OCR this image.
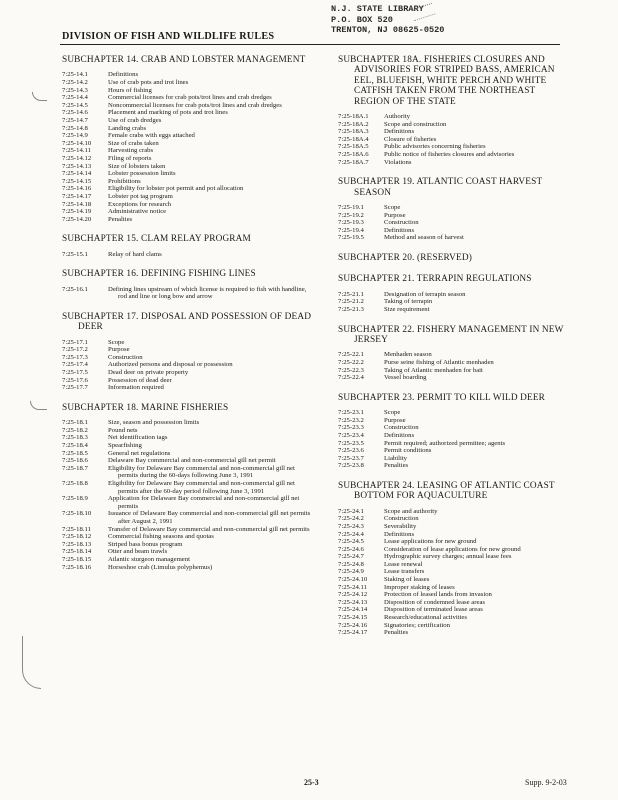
DIVISION OF FISH AND WILDLIFE RULES
N.J. STATE LIBRARY
P.O. BOX 520
TRENTON, NJ 08625-0520
SUBCHAPTER 14. CRAB AND LOBSTER MANAGEMENT
7:25-14.1	Definitions
7:25-14.2	Use of crab pots and trot lines
7:25-14.3	Hours of fishing
7:25-14.4	Commercial licenses for crab pots/trot lines and crab dredges
7:25-14.5	Noncommercial licenses for crab pots/trot lines and crab dredges
7:25-14.6	Placement and marking of pots and trot lines
7:25-14.7	Use of crab dredges
7:25-14.8	Landing crabs
7:25-14.9	Female crabs with eggs attached
7:25-14.10	Size of crabs taken
7:25-14.11	Harvesting crabs
7:25-14.12	Filing of reports
7:25-14.13	Size of lobsters taken
7:25-14.14	Lobster possession limits
7:25-14.15	Prohibitions
7:25-14.16	Eligibility for lobster pot permit and pot allocation
7:25-14.17	Lobster pot tag program
7:25-14.18	Exceptions for research
7:25-14.19	Administrative notice
7:25-14.20	Penalties
SUBCHAPTER 15. CLAM RELAY PROGRAM
7:25-15.1	Relay of hard clams
SUBCHAPTER 16. DEFINING FISHING LINES
7:25-16.1	Defining lines upstream of which license is required to fish with handline, rod and line or long bow and arrow
SUBCHAPTER 17. DISPOSAL AND POSSESSION OF DEAD DEER
7:25-17.1	Scope
7:25-17.2	Purpose
7:25-17.3	Construction
7:25-17.4	Authorized persons and disposal or possession
7:25-17.5	Dead deer on private property
7:25-17.6	Possession of dead deer
7:25-17.7	Information required
SUBCHAPTER 18. MARINE FISHERIES
7:25-18.1	Size, season and possession limits
7:25-18.2	Pound nets
7:25-18.3	Net identification tags
7:25-18.4	Spearfishing
7:25-18.5	General net regulations
7:25-18.6	Delaware Bay commercial and non-commercial gill net permit
7:25-18.7	Eligibility for Delaware Bay commercial and non-commercial gill net permits during the 60-days following June 3, 1991
7:25-18.8	Eligibility for Delaware Bay commercial and non-commercial gill net permits after the 60-day period following June 3, 1991
7:25-18.9	Application for Delaware Bay commercial and non-commercial gill net permits
7:25-18.10	Issuance of Delaware Bay commercial and non-commercial gill net permits after August 2, 1991
7:25-18.11	Transfer of Delaware Bay commercial and non-commercial gill net permits
7:25-18.12	Commercial fishing seasons and quotas
7:25-18.13	Striped bass bonus program
7:25-18.14	Otter and beam trawls
7:25-18.15	Atlantic sturgeon management
7:25-18.16	Horseshoe crab (Limulus polyphemus)
SUBCHAPTER 18A. FISHERIES CLOSURES AND ADVISORIES FOR STRIPED BASS, AMERICAN EEL, BLUEFISH, WHITE PERCH AND WHITE CATFISH TAKEN FROM THE NORTHEAST REGION OF THE STATE
7:25-18A.1	Authority
7:25-18A.2	Scope and construction
7:25-18A.3	Definitions
7:25-18A.4	Closure of fisheries
7:25-18A.5	Public advisories concerning fisheries
7:25-18A.6	Public notice of fisheries closures and advisories
7:25-18A.7	Violations
SUBCHAPTER 19. ATLANTIC COAST HARVEST SEASON
7:25-19.1	Scope
7:25-19.2	Purpose
7:25-19.3	Construction
7:25-19.4	Definitions
7:25-19.5	Method and season of harvest
SUBCHAPTER 20. (RESERVED)
SUBCHAPTER 21. TERRAPIN REGULATIONS
7:25-21.1	Designation of terrapin season
7:25-21.2	Taking of terrapin
7:25-21.3	Size requirement
SUBCHAPTER 22. FISHERY MANAGEMENT IN NEW JERSEY
7:25-22.1	Menhaden season
7:25-22.2	Purse seine fishing of Atlantic menhaden
7:25-22.3	Taking of Atlantic menhaden for bait
7:25-22.4	Vessel boarding
SUBCHAPTER 23. PERMIT TO KILL WILD DEER
7:25-23.1	Scope
7:25-23.2	Purpose
7:25-23.3	Construction
7:25-23.4	Definitions
7:25-23.5	Permit required; authorized permittee; agents
7:25-23.6	Permit conditions
7:25-23.7	Liability
7:25-23.8	Penalties
SUBCHAPTER 24. LEASING OF ATLANTIC COAST BOTTOM FOR AQUACULTURE
7:25-24.1	Scope and authority
7:25-24.2	Construction
7:25-24.3	Severability
7:25-24.4	Definitions
7:25-24.5	Lease applications for new ground
7:25-24.6	Consideration of lease applications for new ground
7:25-24.7	Hydrographic survey charges; annual lease fees
7:25-24.8	Lease renewal
7:25-24.9	Lease transfers
7:25-24.10	Staking of leases
7:25-24.11	Improper staking of leases
7:25-24.12	Protection of leased lands from invasion
7:25-24.13	Disposition of condemned lease areas
7:25-24.14	Disposition of terminated lease areas
7:25-24.15	Research/educational activities
7:25-24.16	Signatories; certification
7:25-24.17	Penalties
25-3	Supp. 9-2-03
